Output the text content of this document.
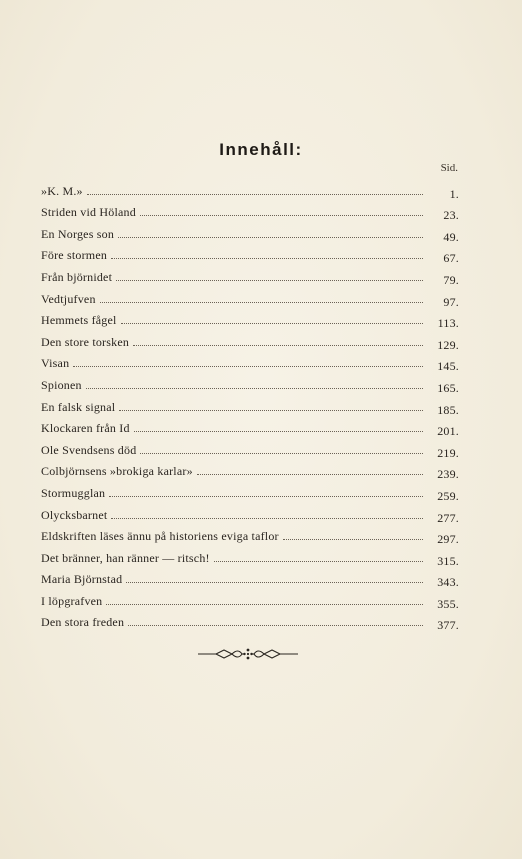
Innehåll:
Sid.
»K. M.»	1.
Striden vid Höland	23.
En Norges son	49.
Före stormen	67.
Från björnidet	79.
Vedtjufven	97.
Hemmets fågel	113.
Den store torsken	129.
Visan	145.
Spionen	165.
En falsk signal	185.
Klockaren från Id	201.
Ole Svendsens död	219.
Colbjörnsens »brokiga karlar»	239.
Stormugglan	259.
Olycksbarnet	277.
Eldskriften läses ännu på historiens eviga taflor	297.
Det bränner, han ränner — ritsch!	315.
Maria Björnstad	343.
I löpgrafven	355.
Den stora freden	377.
